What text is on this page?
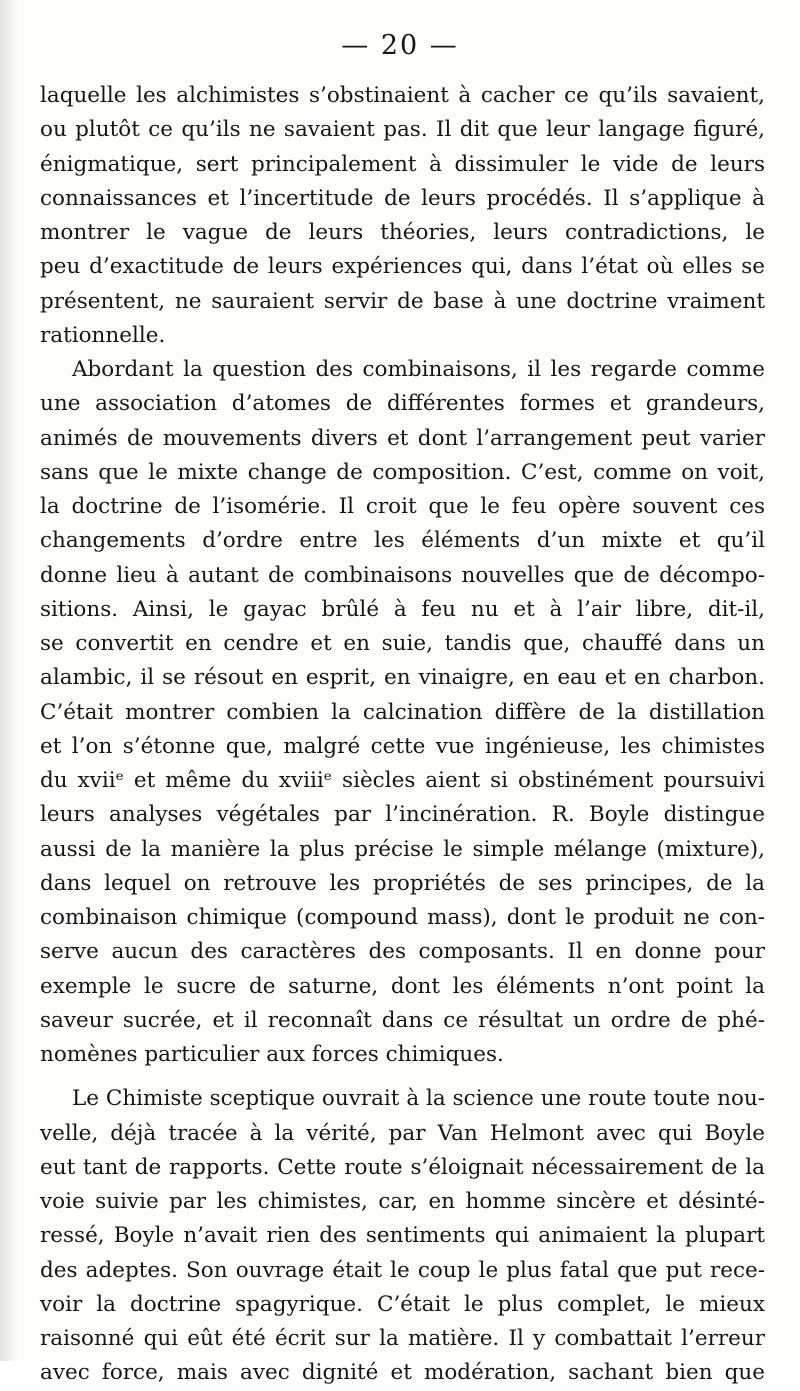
— 20 —
laquelle les alchimistes s’obstinaient à cacher ce qu’ils savaient,
ou plutôt ce qu’ils ne savaient pas. Il dit que leur langage figuré,
énigmatique, sert principalement à dissimuler le vide de leurs
connaissances et l’incertitude de leurs procédés. Il s’applique à
montrer le vague de leurs théories, leurs contradictions, le
peu d’exactitude de leurs expériences qui, dans l’état où elles se
présentent, ne sauraient servir de base à une doctrine vraiment
rationnelle.
Abordant la question des combinaisons, il les regarde comme
une association d’atomes de différentes formes et grandeurs,
animés de mouvements divers et dont l’arrangement peut varier
sans que le mixte change de composition. C’est, comme on voit,
la doctrine de l’isomérie. Il croit que le feu opère souvent ces
changements d’ordre entre les éléments d’un mixte et qu’il
donne lieu à autant de combinaisons nouvelles que de décompo-
sitions. Ainsi, le gayac brûlé à feu nu et à l’air libre, dit-il,
se convertit en cendre et en suie, tandis que, chauffé dans un
alambic, il se résout en esprit, en vinaigre, en eau et en charbon.
C’était montrer combien la calcination diffère de la distillation
et l’on s’étonne que, malgré cette vue ingénieuse, les chimistes
du xviiᵉ et même du xviiiᵉ siècles aient si obstinément poursuivi
leurs analyses végétales par l’incinération. R. Boyle distingue
aussi de la manière la plus précise le simple mélange (mixture),
dans lequel on retrouve les propriétés de ses principes, de la
combinaison chimique (compound mass), dont le produit ne con-
serve aucun des caractères des composants. Il en donne pour
exemple le sucre de saturne, dont les éléments n’ont point la
saveur sucrée, et il reconnaît dans ce résultat un ordre de phé-
nomènes particulier aux forces chimiques.
Le Chimiste sceptique ouvrait à la science une route toute nou-
velle, déjà tracée à la vérité, par Van Helmont avec qui Boyle
eut tant de rapports. Cette route s’éloignait nécessairement de la
voie suivie par les chimistes, car, en homme sincère et désinté-
ressé, Boyle n’avait rien des sentiments qui animaient la plupart
des adeptes. Son ouvrage était le coup le plus fatal que put rece-
voir la doctrine spagyrique. C’était le plus complet, le mieux
raisonné qui eût été écrit sur la matière. Il y combattait l’erreur
avec force, mais avec dignité et modération, sachant bien que
